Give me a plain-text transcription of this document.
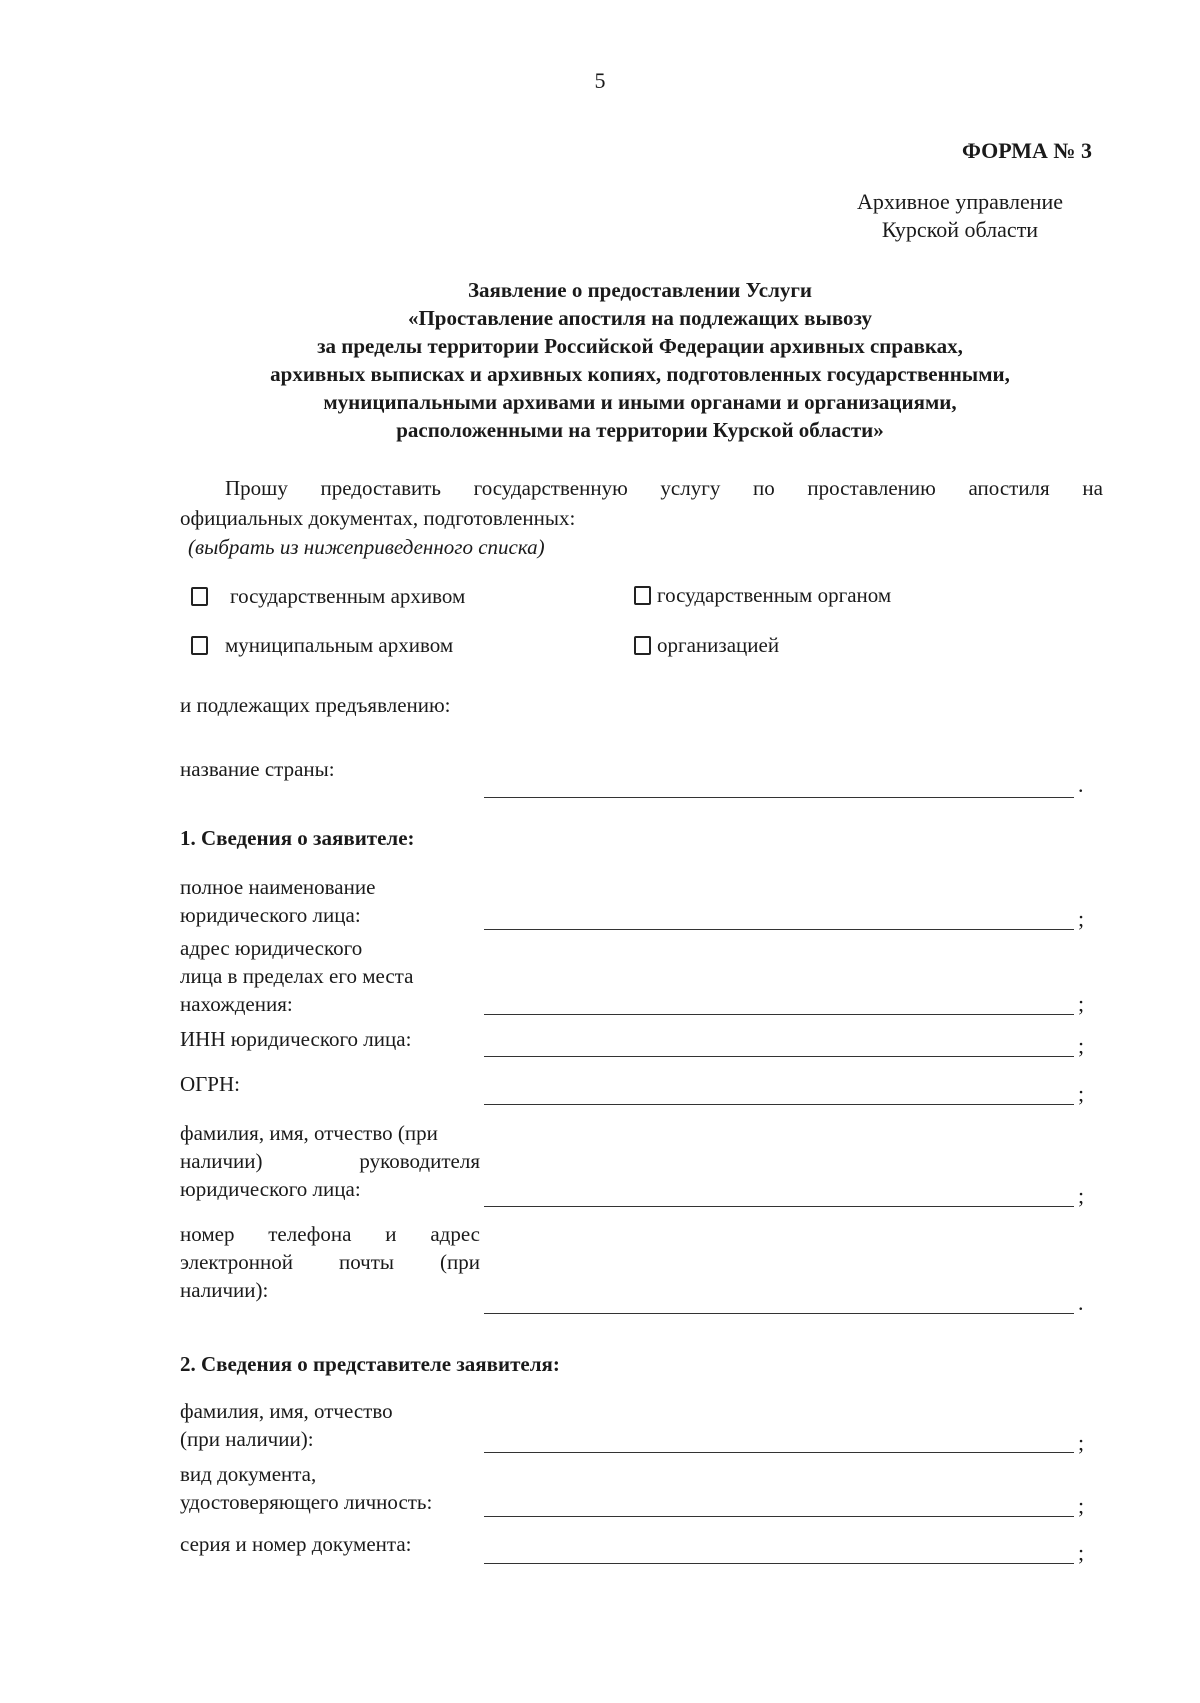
5
ФОРМА № 3
Архивное управление
Курской области
Заявление о предоставлении Услуги
«Проставление апостиля на подлежащих вывозу
за пределы территории Российской Федерации архивных справках,
архивных выписках и архивных копиях, подготовленных государственными,
муниципальными архивами и иными органами и организациями,
расположенными на территории Курской области»
Прошу предоставить государственную услугу по проставлению апостиля на
официальных документах, подготовленных:
(выбрать из нижеприведенного списка)
государственным архивом	государственным органом
муниципальным архивом	организацией
и подлежащих предъявлению:
название страны:
.
1. Сведения о заявителе:
полное наименование
юридического лица:	;
адрес юридического
лица в пределах его места
нахождения:	;
ИНН юридического лица:	;
ОГРН:	;
фамилия, имя, отчество (при
наличии)	руководителя
юридического лица:	;
номер телефона и адрес
электронной почты (при
наличии):	.
2. Сведения о представителе заявителя:
фамилия, имя, отчество
(при наличии):	;
вид документа,
удостоверяющего личность:	;
серия и номер документа:	;
